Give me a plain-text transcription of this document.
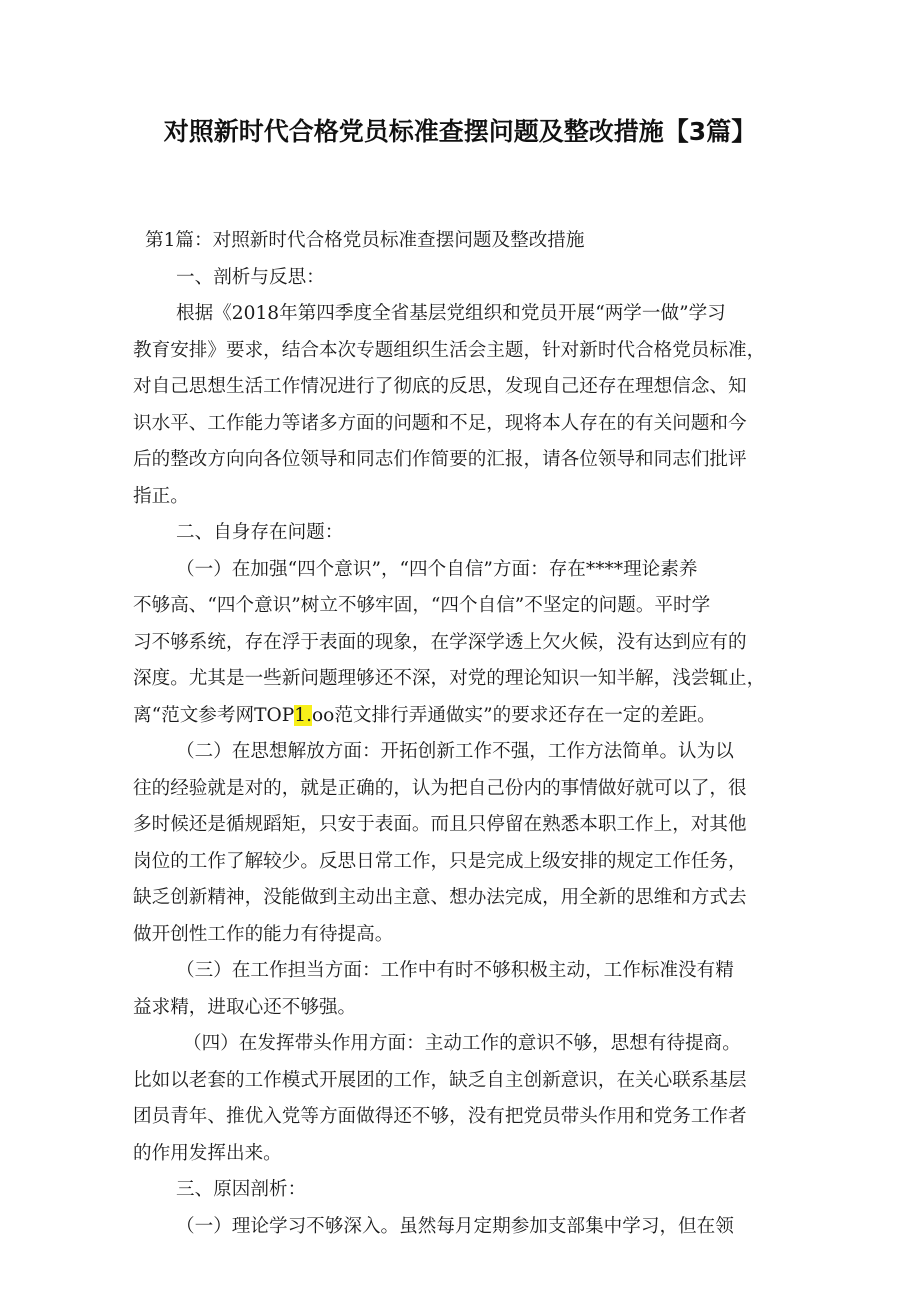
对照新时代合格党员标准查摆问题及整改措施【3篇】
第1篇：对照新时代合格党员标准查摆问题及整改措施
一、剖析与反思：
根据《2018年第四季度全省基层党组织和党员开展“两学一做”学习
教育安排》要求，结合本次专题组织生活会主题，针对新时代合格党员标准，
对自己思想生活工作情况进行了彻底的反思，发现自己还存在理想信念、知
识水平、工作能力等诸多方面的问题和不足，现将本人存在的有关问题和今
后的整改方向向各位领导和同志们作简要的汇报，请各位领导和同志们批评
指正。
二、自身存在问题：
（一）在加强“四个意识”，“四个自信”方面：存在****理论素养
不够高、“四个意识”树立不够牢固，“四个自信”不坚定的问题。平时学
习不够系统，存在浮于表面的现象，在学深学透上欠火候，没有达到应有的
深度。尤其是一些新问题理够还不深，对党的理论知识一知半解，浅尝辄止，
离“范文参考网TOP1.oo范文排行弄通做实”的要求还存在一定的差距。
（二）在思想解放方面：开拓创新工作不强，工作方法简单。认为以
往的经验就是对的，就是正确的，认为把自己份内的事情做好就可以了，很
多时候还是循规蹈矩，只安于表面。而且只停留在熟悉本职工作上，对其他
岗位的工作了解较少。反思日常工作，只是完成上级安排的规定工作任务，
缺乏创新精神，没能做到主动出主意、想办法完成，用全新的思维和方式去
做开创性工作的能力有待提高。
（三）在工作担当方面：工作中有时不够积极主动，工作标准没有精
益求精，进取心还不够强。
（四）在发挥带头作用方面：主动工作的意识不够，思想有待提商。
比如以老套的工作模式开展团的工作，缺乏自主创新意识，在关心联系基层
团员青年、推优入党等方面做得还不够，没有把党员带头作用和党务工作者
的作用发挥出来。
三、原因剖析：
（一）理论学习不够深入。虽然每月定期参加支部集中学习，但在领
